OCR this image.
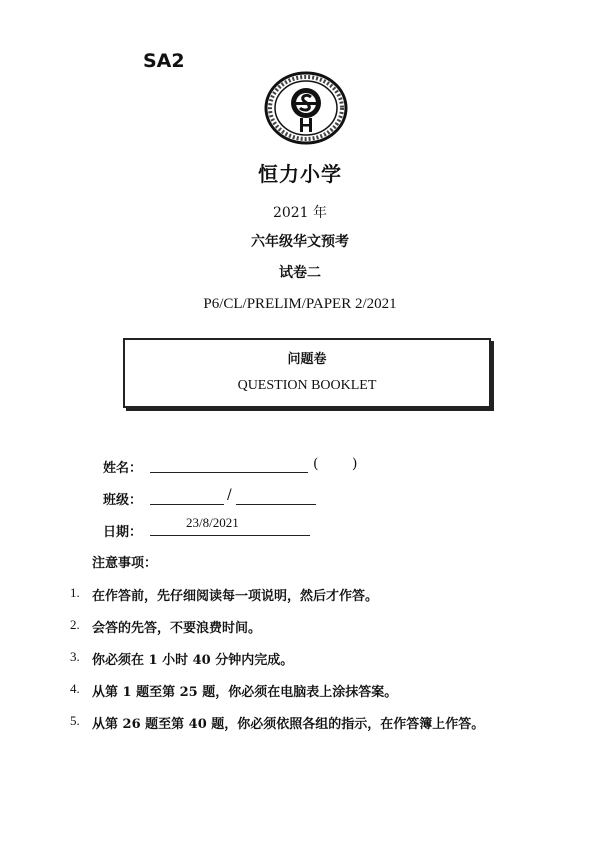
SA2
恒力小学
2021 年
六年级华文预考
试卷二
P6/CL/PRELIM/PAPER 2/2021
问题卷
QUESTION BOOKLET
姓名：	( )
班级：	/
日期：
23/8/2021
注意事项：
1. 在作答前，先仔细阅读每一项说明，然后才作答。
2. 会答的先答，不要浪费时间。
3. 你必须在 1 小时 40 分钟内完成。
4. 从第 1 题至第 25 题，你必须在电脑表上涂抹答案。
5. 从第 26 题至第 40 题，你必须依照各组的指示，在作答簿上作答。
